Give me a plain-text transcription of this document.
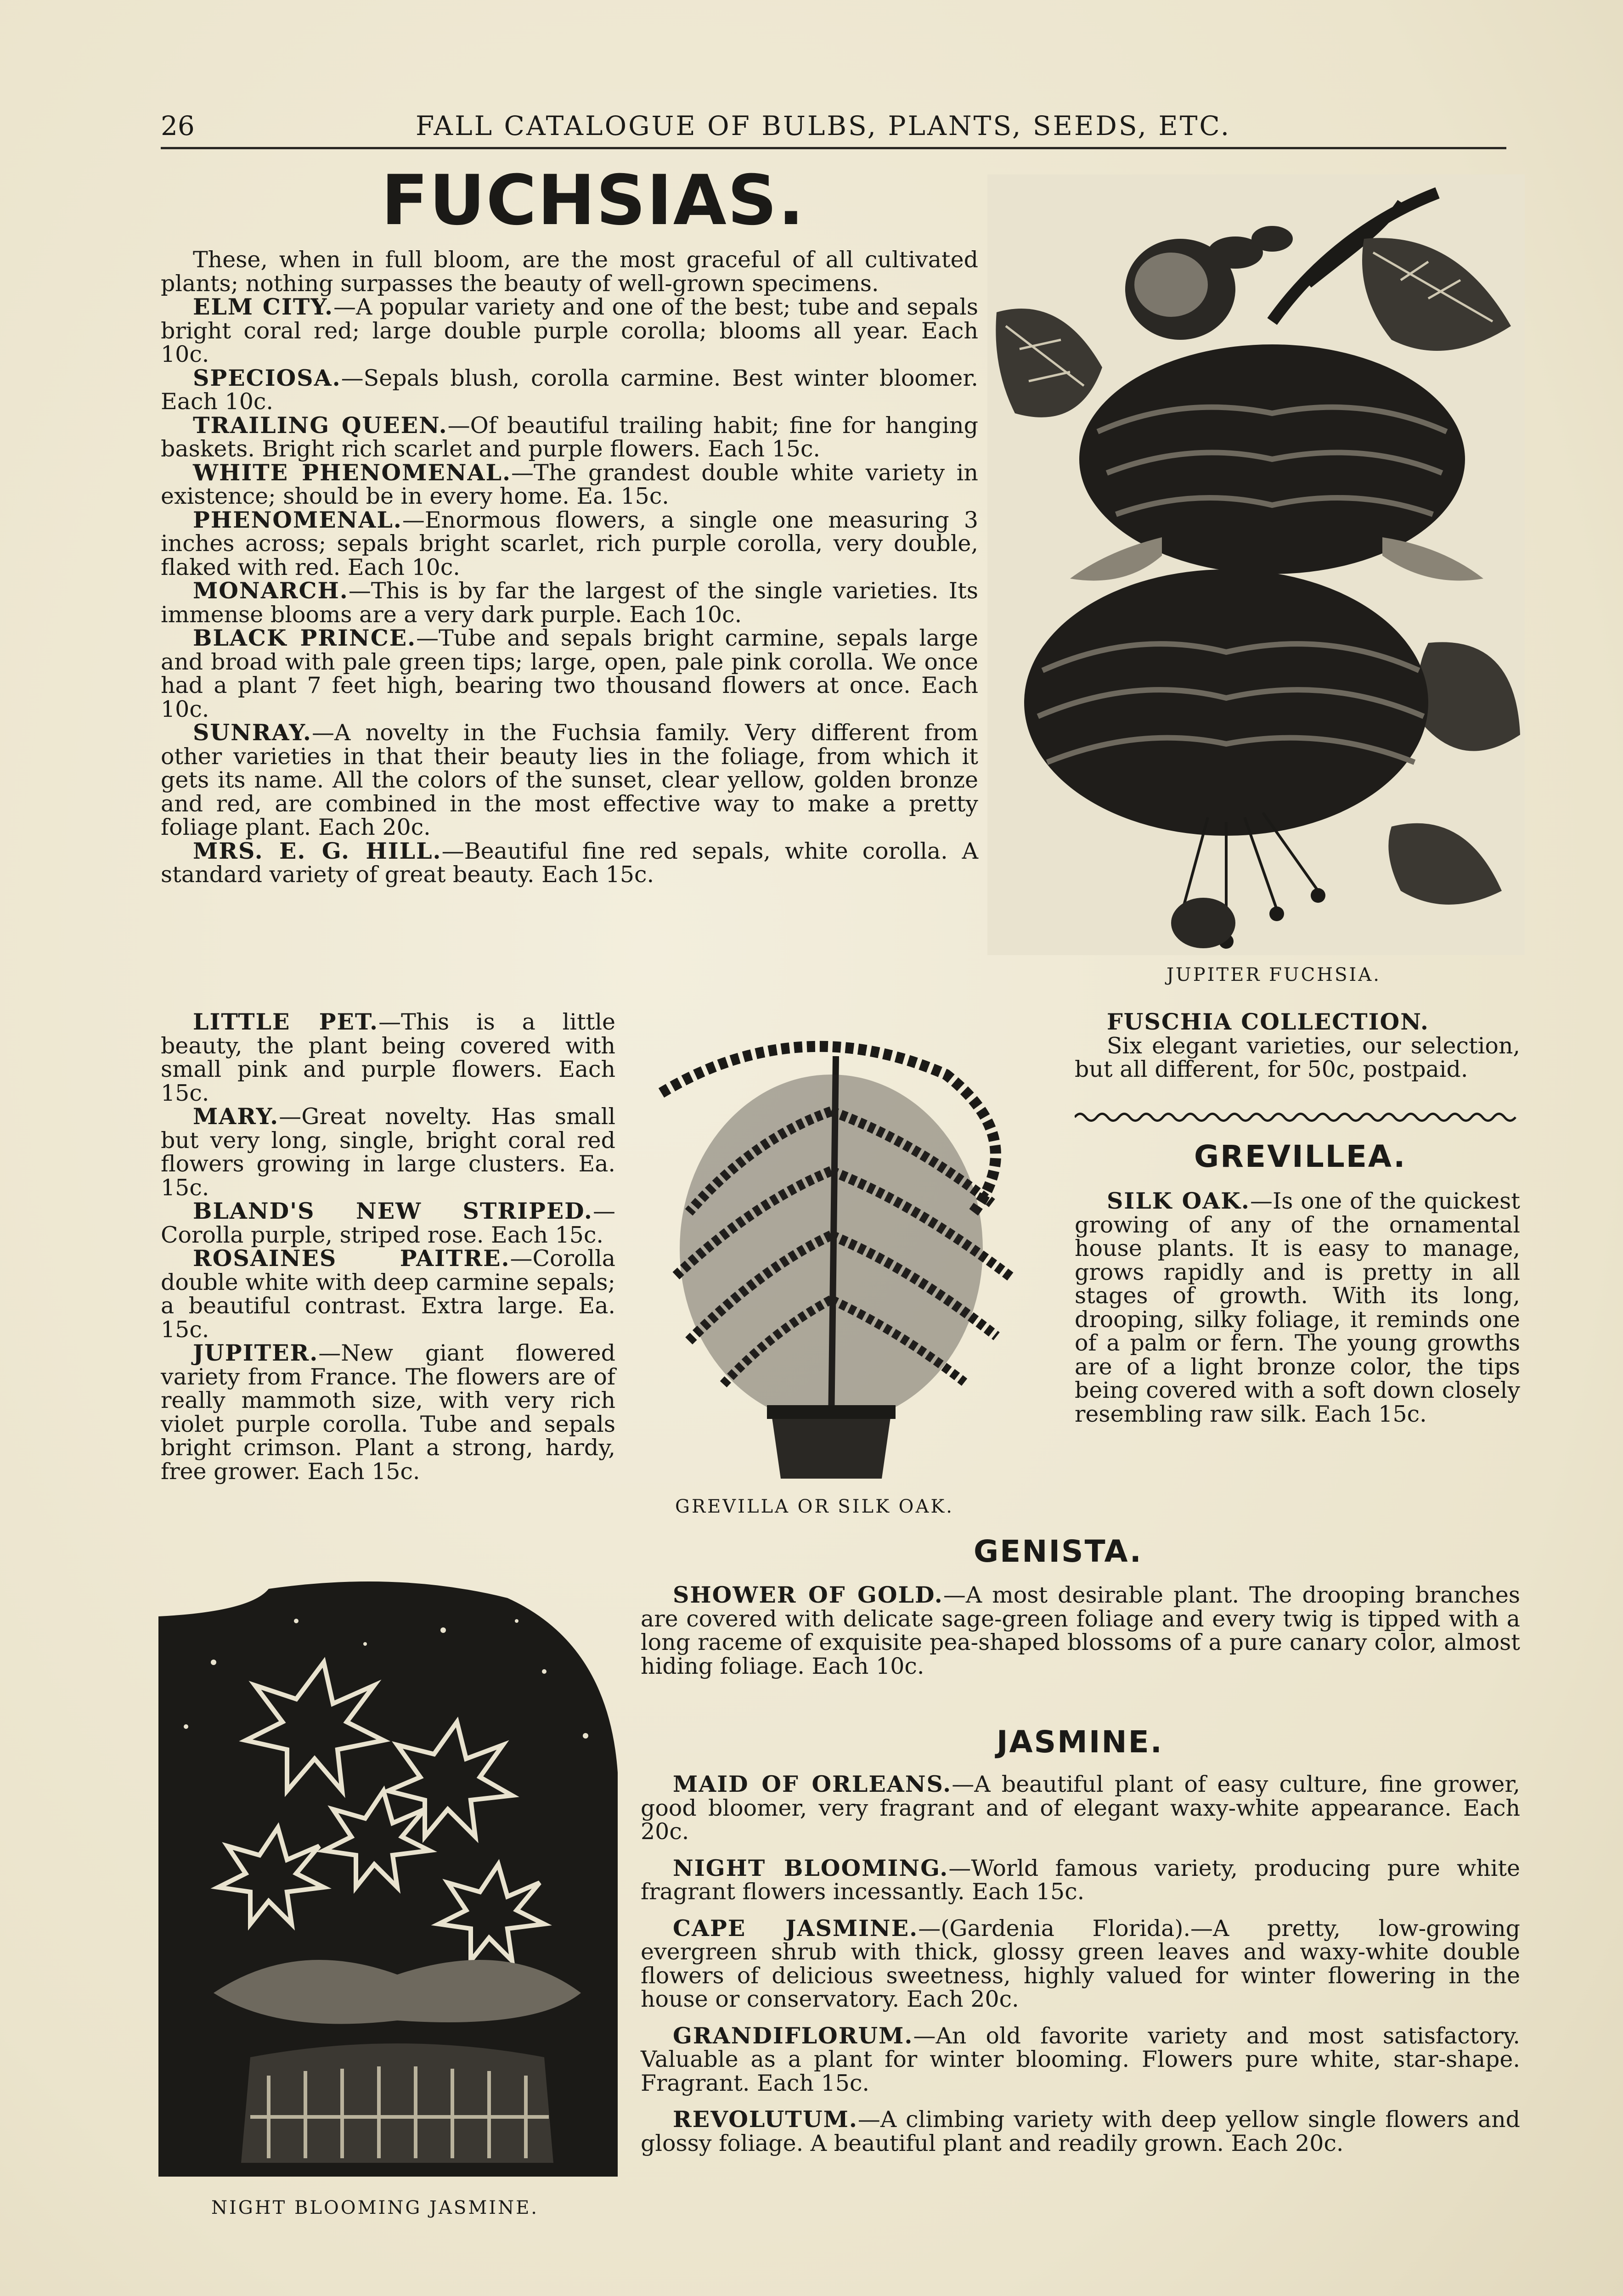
26	FALL CATALOGUE OF BULBS, PLANTS, SEEDS, ETC.
FUCHSIAS.

These, when in full bloom, are the most graceful of all cultivated plants; nothing surpasses the beauty of well-grown specimens.

ELM CITY.—A popular variety and one of the best; tube and sepals bright coral red; large double purple corolla; blooms all year. Each 10c.

SPECIOSA.—Sepals blush, corolla carmine. Best winter bloomer. Each 10c.

TRAILING QUEEN.—Of beautiful trailing habit; fine for hanging baskets. Bright rich scarlet and purple flowers. Each 15c.

WHITE PHENOMENAL.—The grandest double white variety in existence; should be in every home. Ea. 15c.

PHENOMENAL.—Enormous flowers, a single one measuring 3 inches across; sepals bright scarlet, rich purple corolla, very double, flaked with red. Each 10c.

MONARCH.—This is by far the largest of the single varieties. Its immense blooms are a very dark purple. Each 10c.

BLACK PRINCE.—Tube and sepals bright carmine, sepals large and broad with pale green tips; large, open, pale pink corolla. We once had a plant 7 feet high, bearing two thousand flowers at once. Each 10c.

SUNRAY.—A novelty in the Fuchsia family. Very different from other varieties in that their beauty lies in the foliage, from which it gets its name. All the colors of the sunset, clear yellow, golden bronze and red, are combined in the most effective way to make a pretty foliage plant. Each 20c.

MRS. E. G. HILL.—Beautiful fine red sepals, white corolla. A standard variety of great beauty. Each 15c.

LITTLE PET.—This is a little beauty, the plant being covered with small pink and purple flowers. Each 15c.

MARY.—Great novelty. Has small but very long, single, bright coral red flowers growing in large clusters. Ea. 15c.

BLAND'S NEW STRIPED.—Corolla purple, striped rose. Each 15c.

ROSAINES PAITRE.—Corolla double white with deep carmine sepals; a beautiful contrast. Extra large. Ea. 15c.

JUPITER.—New giant flowered variety from France. The flowers are of really mammoth size, with very rich violet purple corolla. Tube and sepals bright crimson. Plant a strong, hardy, free grower. Each 15c.

JUPITER FUCHSIA.

FUSCHIA COLLECTION.

Six elegant varieties, our selection, but all different, for 50c, postpaid.

GREVILLEA.

SILK OAK.—Is one of the quickest growing of any of the ornamental house plants. It is easy to manage, grows rapidly and is pretty in all stages of growth. With its long, drooping, silky foliage, it reminds one of a palm or fern. The young growths are of a light bronze color, the tips being covered with a soft down closely resembling raw silk. Each 15c.

GREVILLA OR SILK OAK.
GENISTA.

SHOWER OF GOLD.—A most desirable plant. The drooping branches are covered with delicate sage-green foliage and every twig is tipped with a long raceme of exquisite pea-shaped blossoms of a pure canary color, almost hiding foliage. Each 10c.

JASMINE.

MAID OF ORLEANS.—A beautiful plant of easy culture, fine grower, good bloomer, very fragrant and of elegant waxy-white appearance. Each 20c.

NIGHT BLOOMING.—World famous variety, producing pure white fragrant flowers incessantly. Each 15c.

CAPE JASMINE.—(Gardenia Florida).—A pretty, low-growing evergreen shrub with thick, glossy green leaves and waxy-white double flowers of delicious sweetness, highly valued for winter flowering in the house or conservatory. Each 20c.

GRANDIFLORUM.—An old favorite variety and most satisfactory. Valuable as a plant for winter blooming. Flowers pure white, star-shape. Fragrant. Each 15c.

REVOLUTUM.—A climbing variety with deep yellow single flowers and glossy foliage. A beautiful plant and readily grown. Each 20c.

NIGHT BLOOMING JASMINE.
